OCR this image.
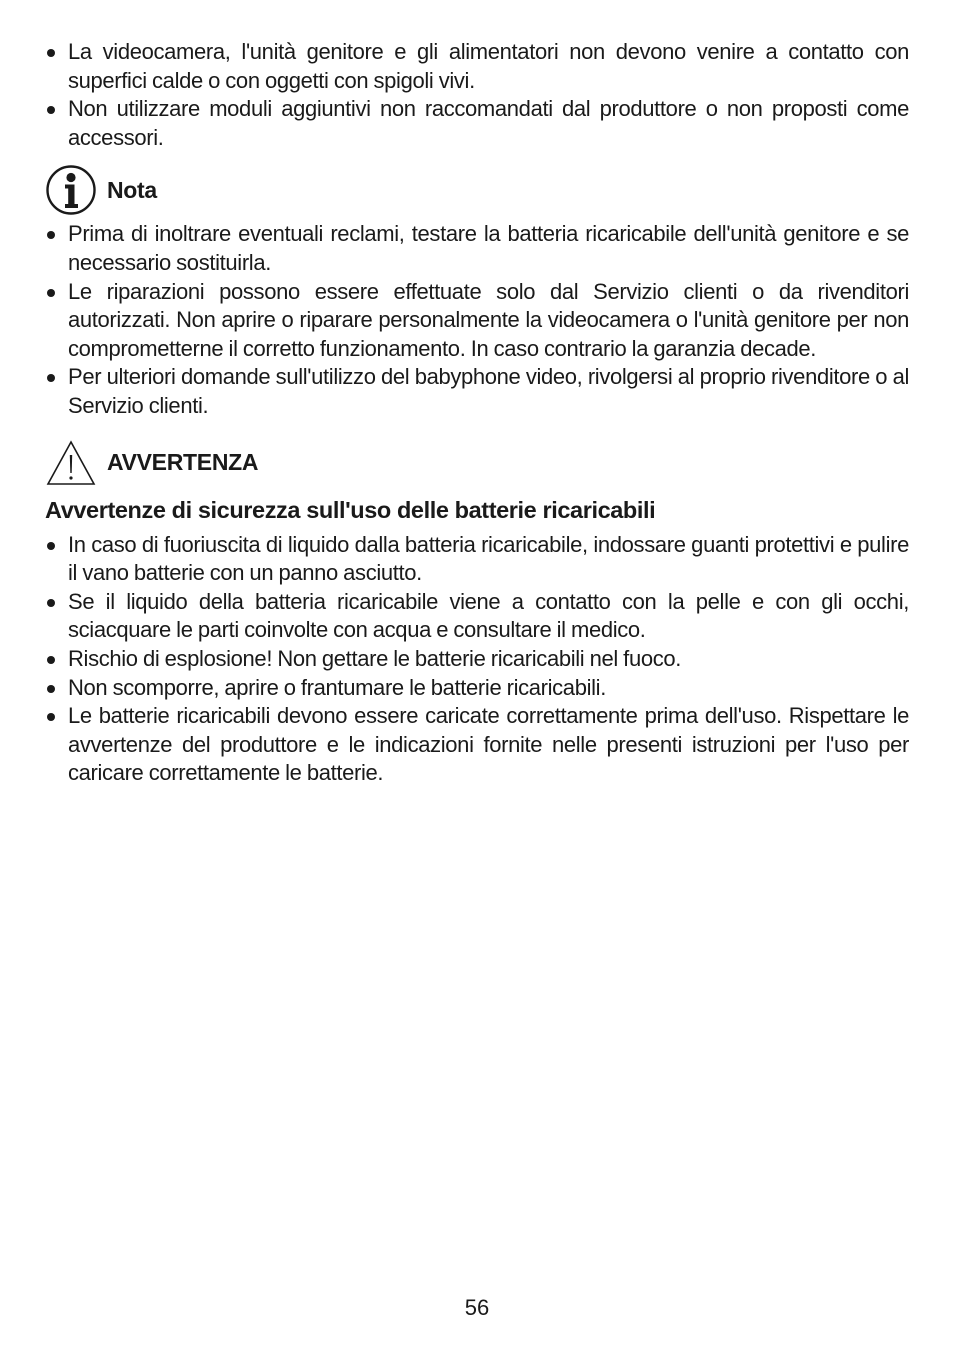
La videocamera, l'unità genitore e gli alimentatori non devono venire a contatto con superfici calde o con oggetti con spigoli vivi.
Non utilizzare moduli aggiuntivi non raccomandati dal produttore o non proposti come accessori.
Nota
Prima di inoltrare eventuali reclami, testare la batteria ricaricabile dell'unità genitore e se necessario sostituirla.
Le riparazioni possono essere effettuate solo dal Servizio clienti o da rivenditori autorizzati. Non aprire o riparare personalmente la videocamera o l'unità genitore per non comprometterne il corretto funzionamento. In caso contrario la garanzia decade.
Per ulteriori domande sull'utilizzo del babyphone video, rivolgersi al proprio rivenditore o al Servizio clienti.
AVVERTENZA
Avvertenze di sicurezza sull'uso delle batterie ricaricabili
In caso di fuoriuscita di liquido dalla batteria ricaricabile, indossare guanti protettivi e pulire il vano batterie con un panno asciutto.
Se il liquido della batteria ricaricabile viene a contatto con la pelle e con gli occhi, sciacquare le parti coinvolte con acqua e consultare il medico.
Rischio di esplosione! Non gettare le batterie ricaricabili nel fuoco.
Non scomporre, aprire o frantumare le batterie ricaricabili.
Le batterie ricaricabili devono essere caricate correttamente prima dell'uso. Rispettare le avvertenze del produttore e le indicazioni fornite nelle presenti istruzioni per l'uso per caricare correttamente le batterie.
56
